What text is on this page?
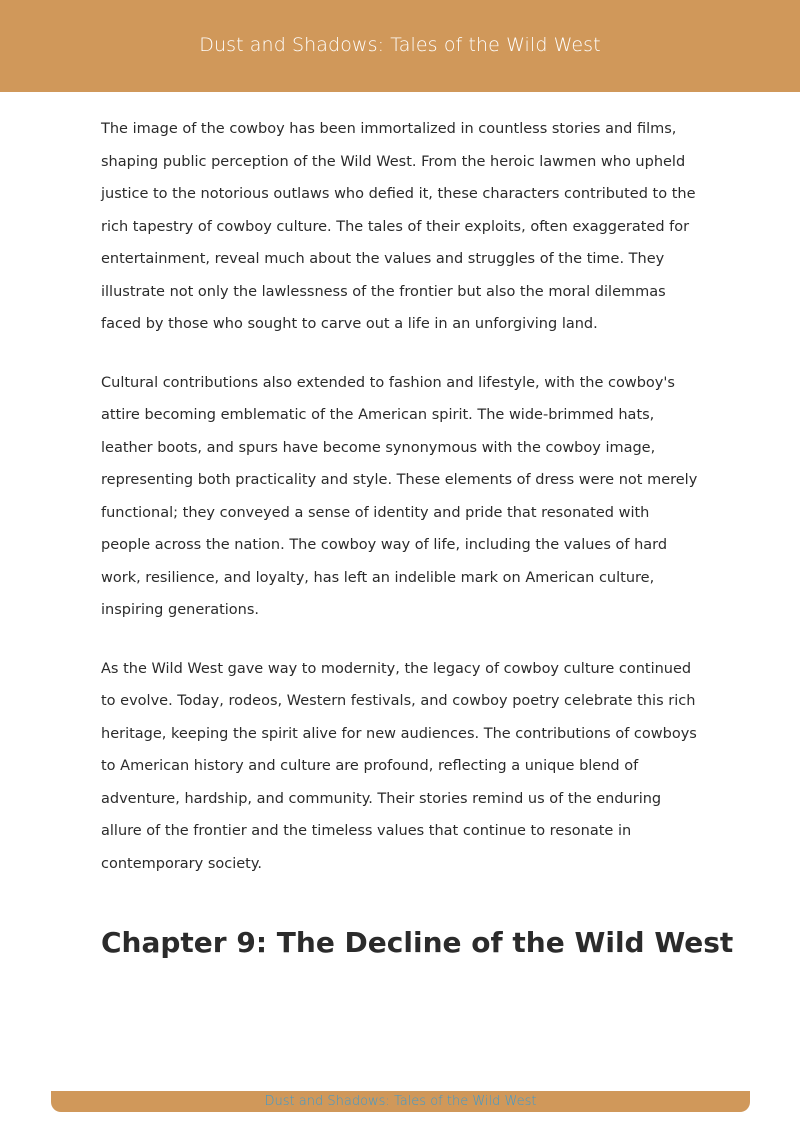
Dust and Shadows: Tales of the Wild West

The image of the cowboy has been immortalized in countless stories and films, shaping public perception of the Wild West. From the heroic lawmen who upheld justice to the notorious outlaws who defied it, these characters contributed to the rich tapestry of cowboy culture. The tales of their exploits, often exaggerated for entertainment, reveal much about the values and struggles of the time. They illustrate not only the lawlessness of the frontier but also the moral dilemmas faced by those who sought to carve out a life in an unforgiving land.

Cultural contributions also extended to fashion and lifestyle, with the cowboy's attire becoming emblematic of the American spirit. The wide-brimmed hats, leather boots, and spurs have become synonymous with the cowboy image, representing both practicality and style. These elements of dress were not merely functional; they conveyed a sense of identity and pride that resonated with people across the nation. The cowboy way of life, including the values of hard work, resilience, and loyalty, has left an indelible mark on American culture, inspiring generations.

As the Wild West gave way to modernity, the legacy of cowboy culture continued to evolve. Today, rodeos, Western festivals, and cowboy poetry celebrate this rich heritage, keeping the spirit alive for new audiences. The contributions of cowboys to American history and culture are profound, reflecting a unique blend of adventure, hardship, and community. Their stories remind us of the enduring allure of the frontier and the timeless values that continue to resonate in contemporary society.

Chapter 9: The Decline of the Wild West
Dust and Shadows: Tales of the Wild West
